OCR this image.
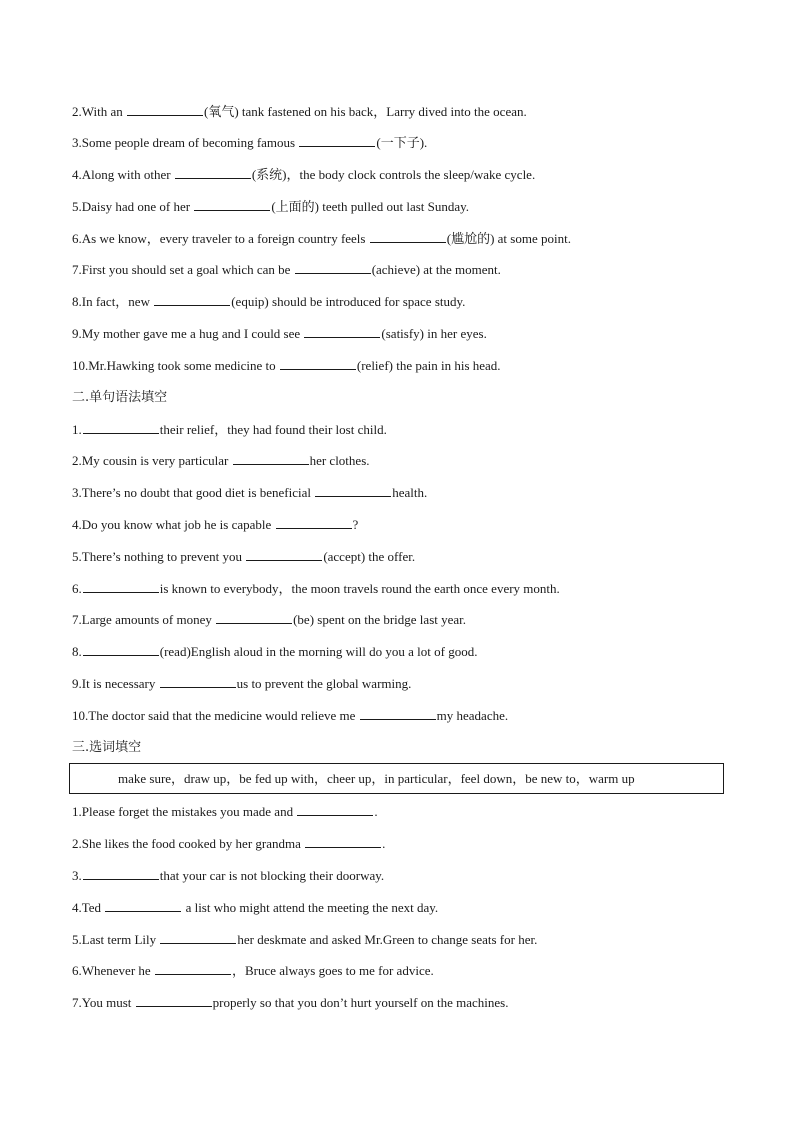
2.With an	(氧气) tank fastened on his back，Larry dived into the ocean.
3.Some people dream of becoming famous	(一下子).
4.Along with other	(系统)，the body clock controls the sleep/wake cycle.
5.Daisy had one of her	(上面的) teeth pulled out last Sunday.
6.As we know，every traveler to a foreign country feels	(尴尬的) at some point.
7.First you should set a goal which can be	(achieve) at the moment.
8.In fact，new	(equip) should be introduced for space study.
9.My mother gave me a hug and I could see	(satisfy) in her eyes.
10.Mr.Hawking took some medicine to	(relief) the pain in his head.
二.单句语法填空
1.	their relief，they had found their lost child.
2.My cousin is very particular	her clothes.
3.There’s no doubt that good diet is beneficial	health.
4.Do you know what job he is capable	?
5.There’s nothing to prevent you	(accept) the offer.
6.	is known to everybody，the moon travels round the earth once every month.
7.Large amounts of money	(be) spent on the bridge last year.
8.	(read)English aloud in the morning will do you a lot of good.
9.It is necessary	us to prevent the global warming.
10.The doctor said that the medicine would relieve me	my headache.
三.选词填空
make sure，draw up，be fed up with，cheer up，in particular，feel down，be new to，warm up
1.Please forget the mistakes you made and	.
2.She likes the food cooked by her grandma	.
3.	that your car is not blocking their doorway.
4.Ted	a list who might attend the meeting the next day.
5.Last term Lily	her deskmate and asked Mr.Green to change seats for her.
6.Whenever he	，Bruce always goes to me for advice.
7.You must	properly so that you don’t hurt yourself on the machines.
